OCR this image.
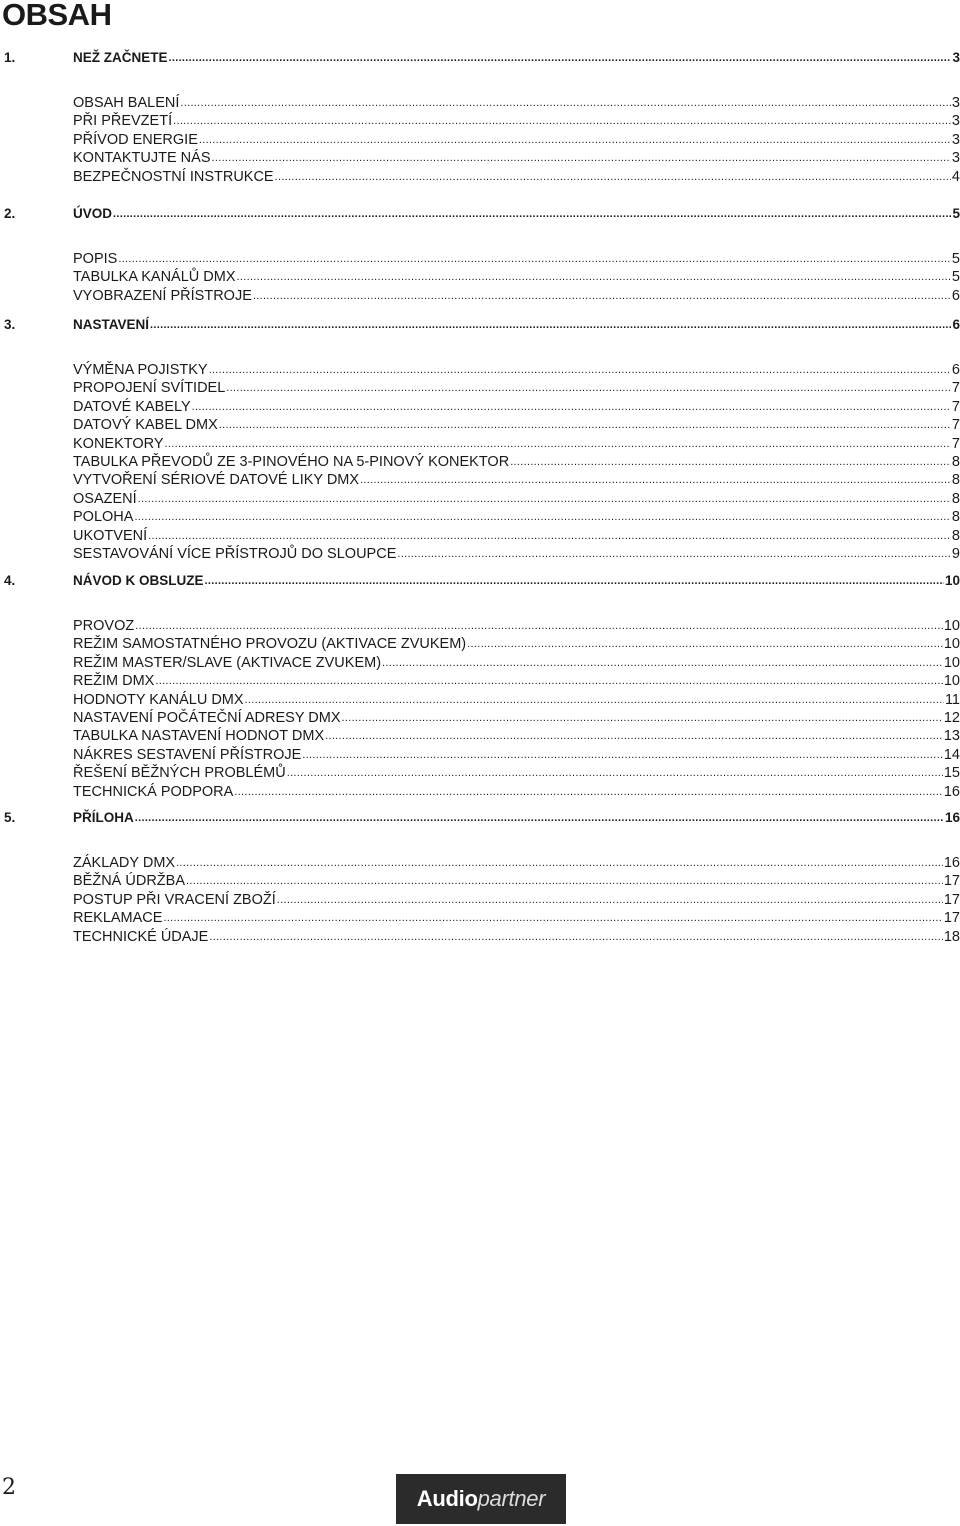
OBSAH
1.	NEŽ ZAČNETE .....	3
OBSAH BALENÍ .....	3
PŘI PŘEVZETÍ .....	3
PŘÍVOD ENERGIE .....	3
KONTAKTUJTE NÁS .....	3
BEZPEČNOSTNÍ INSTRUKCE .....	4
2.	ÚVOD .....	5
POPIS .....	5
TABULKA KANÁLŮ DMX .....	5
VYOBRAZENÍ PŘÍSTROJE .....	6
3.	NASTAVENÍ .....	6
VÝMĚNA POJISTKY .....	6
PROPOJENÍ SVÍTIDEL .....	7
DATOVÉ KABELY .....	7
DATOVÝ KABEL DMX .....	7
KONEKTORY .....	7
TABULKA PŘEVODŮ ZE 3-PINOVÉHO NA 5-PINOVÝ KONEKTOR .....	8
VYTVOŘENÍ SÉRIOVÉ DATOVÉ LIKY DMX .....	8
OSAZENÍ .....	8
POLOHA .....	8
UKOTVENÍ .....	8
SESTAVOVÁNÍ VÍCE PŘÍSTROJŮ DO SLOUPCE .....	9
4.	NÁVOD K OBSLUZE .....	10
PROVOZ .....	10
REŽIM SAMOSTATNÉHO PROVOZU (AKTIVACE ZVUKEM) .....	10
REŽIM MASTER/SLAVE (AKTIVACE ZVUKEM) .....	10
REŽIM DMX .....	10
HODNOTY KANÁLU DMX .....	11
NASTAVENÍ POČÁTEČNÍ ADRESY DMX .....	12
TABULKA NASTAVENÍ HODNOT DMX .....	13
NÁKRES SESTAVENÍ PŘÍSTROJE .....	14
ŘEŠENÍ BĚŽNÝCH PROBLÉMŮ .....	15
TECHNICKÁ PODPORA .....	16
5.	PŘÍLOHA .....	16
ZÁKLADY DMX .....	16
BĚŽNÁ ÚDRŽBA .....	17
POSTUP PŘI VRACENÍ ZBOŽÍ .....	17
REKLAMACE .....	17
TECHNICKÉ ÚDAJE .....	18
2	Audiopartner
